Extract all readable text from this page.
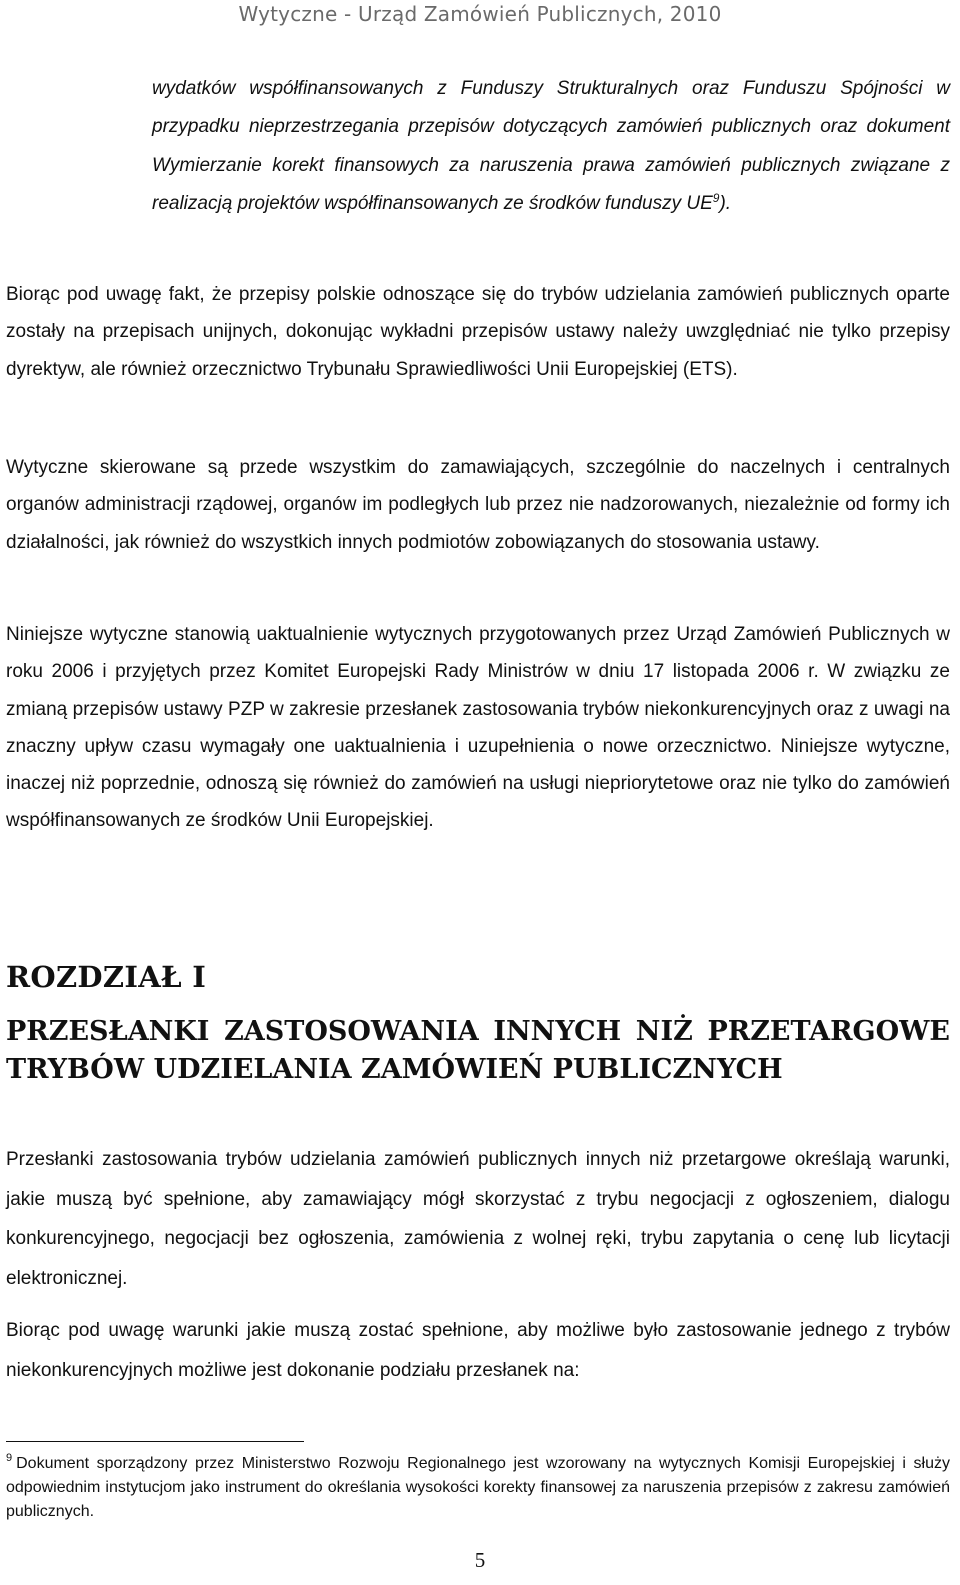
Wytyczne - Urząd Zamówień Publicznych, 2010
wydatków współfinansowanych z Funduszy Strukturalnych oraz Funduszu Spójności w przypadku nieprzestrzegania przepisów dotyczących zamówień publicznych oraz dokument Wymierzanie korekt finansowych za naruszenia prawa zamówień publicznych związane z realizacją projektów współfinansowanych ze środków funduszy $UE^9$).
Biorąc pod uwagę fakt, że przepisy polskie odnoszące się do trybów udzielania zamówień publicznych oparte zostały na przepisach unijnych, dokonując wykładni przepisów ustawy należy uwzględniać nie tylko przepisy dyrektyw, ale również orzecznictwo Trybunału Sprawiedliwości Unii Europejskiej (ETS).
Wytyczne skierowane są przede wszystkim do zamawiających, szczególnie do naczelnych i centralnych organów administracji rządowej, organów im podległych lub przez nie nadzorowanych, niezależnie od formy ich działalności, jak również do wszystkich innych podmiotów zobowiązanych do stosowania ustawy.
Niniejsze wytyczne stanowią uaktualnienie wytycznych przygotowanych przez Urząd Zamówień Publicznych w roku 2006 i przyjętych przez Komitet Europejski Rady Ministrów w dniu 17 listopada 2006 r. W związku ze zmianą przepisów ustawy PZP w zakresie przesłanek zastosowania trybów niekonkurencyjnych oraz z uwagi na znaczny upływ czasu wymagały one uaktualnienia i uzupełnienia o nowe orzecznictwo. Niniejsze wytyczne, inaczej niż poprzednie, odnoszą się również do zamówień na usługi niepriorytetowe oraz nie tylko do zamówień współfinansowanych ze środków Unii Europejskiej.
ROZDZIAŁ I
PRZESŁANKI ZASTOSOWANIA INNYCH NIŻ PRZETARGOWE TRYBÓW UDZIELANIA ZAMÓWIEŃ PUBLICZNYCH
Przesłanki zastosowania trybów udzielania zamówień publicznych innych niż przetargowe określają warunki, jakie muszą być spełnione, aby zamawiający mógł skorzystać z trybu negocjacji z ogłoszeniem, dialogu konkurencyjnego, negocjacji bez ogłoszenia, zamówienia z wolnej ręki, trybu zapytania o cenę lub licytacji elektronicznej.
Biorąc pod uwagę warunki jakie muszą zostać spełnione, aby możliwe było zastosowanie jednego z trybów niekonkurencyjnych możliwe jest dokonanie podziału przesłanek na:
$^9$ Dokument sporządzony przez Ministerstwo Rozwoju Regionalnego jest wzorowany na wytycznych Komisji Europejskiej i służy odpowiednim instytucjom jako instrument do określania wysokości korekty finansowej za naruszenia przepisów z zakresu zamówień publicznych.
5
